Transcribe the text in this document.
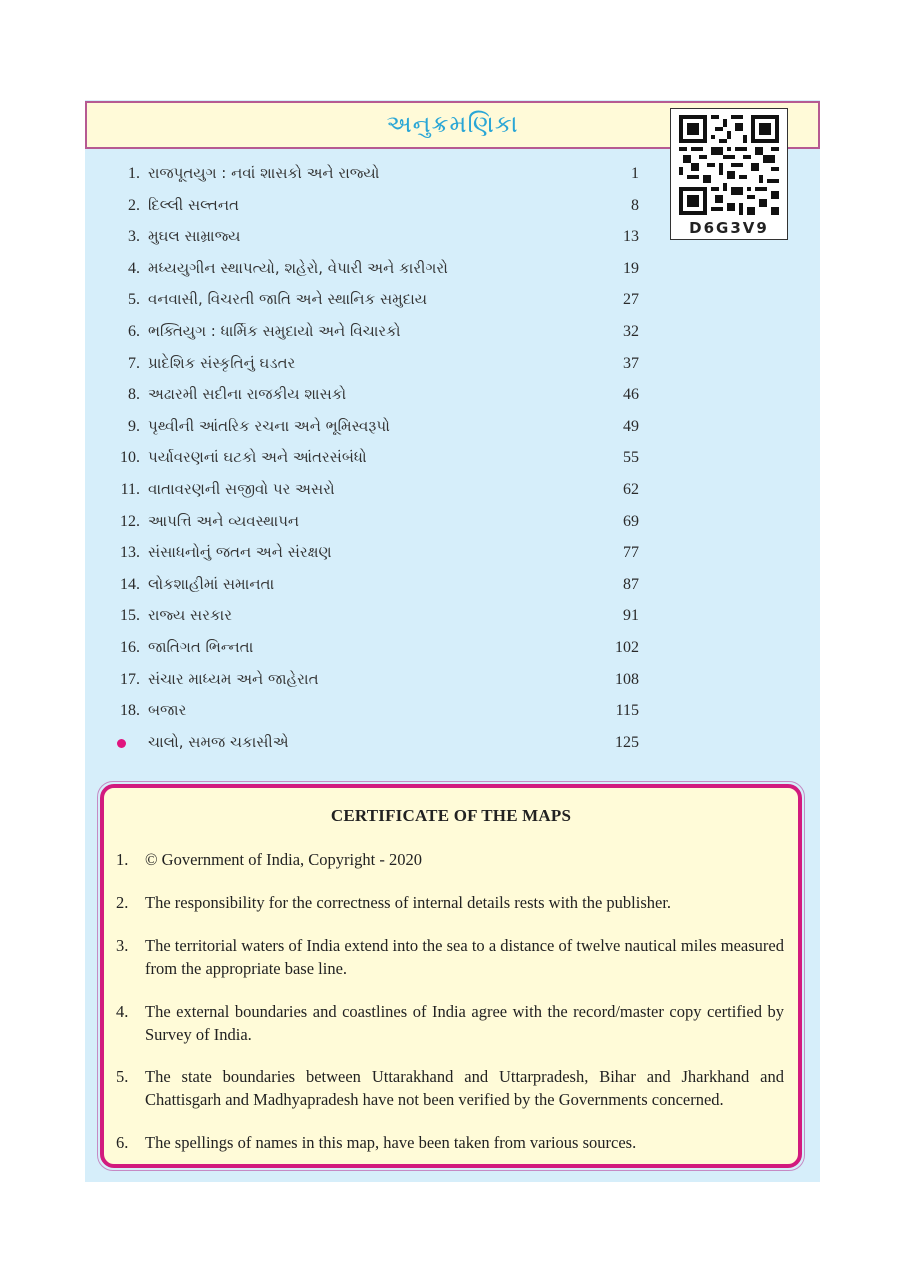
અનુક્રમણિકા
D6G3V9
1. રાજપૂતયુગ : નવાં શાસકો અને રાજ્યો	1
2. દિલ્લી સલ્તનત	8
3. મુઘલ સામ્રાજ્ય	13
4. મધ્યયુગીન સ્થાપત્યો, શહેરો, વેપારી અને કારીગરો	19
5. વનવાસી, વિચરતી જાતિ અને સ્થાનિક સમુદાય	27
6. ભક્તિયુગ : ધાર્મિક સમુદાયો અને વિચારકો	32
7. પ્રાદેશિક સંસ્કૃતિનું ઘડતર	37
8. અઢારમી સદીના રાજકીય શાસકો	46
9. પૃથ્વીની આંતરિક રચના અને ભૂમિસ્વરૂપો	49
10. પર્યાવરણનાં ઘટકો અને આંતરસંબંધો	55
11. વાતાવરણની સજીવો પર અસરો	62
12. આપત્તિ અને વ્યવસ્થાપન	69
13. સંસાધનોનું જતન અને સંરક્ષણ	77
14. લોકશાહીમાં સમાનતા	87
15. રાજ્ય સરકાર	91
16. જાતિગત ભિન્નતા	102
17. સંચાર માધ્યમ અને જાહેરાત	108
18. બજાર	115
ચાલો, સમજ ચકાસીએ	125
CERTIFICATE OF THE MAPS
1.	© Government of India, Copyright - 2020
2.	The responsibility for the correctness of internal details rests with the publisher.
3.	The territorial waters of India extend into the sea to a distance of twelve nautical miles measured from the appropriate base line.
4.	The external boundaries and coastlines of India agree with the record/master copy certified by Survey of India.
5.	The state boundaries between Uttarakhand and Uttarpradesh, Bihar and Jharkhand and Chattisgarh and Madhyapradesh have not been verified by the Governments concerned.
6.	The spellings of names in this map, have been taken from various sources.
